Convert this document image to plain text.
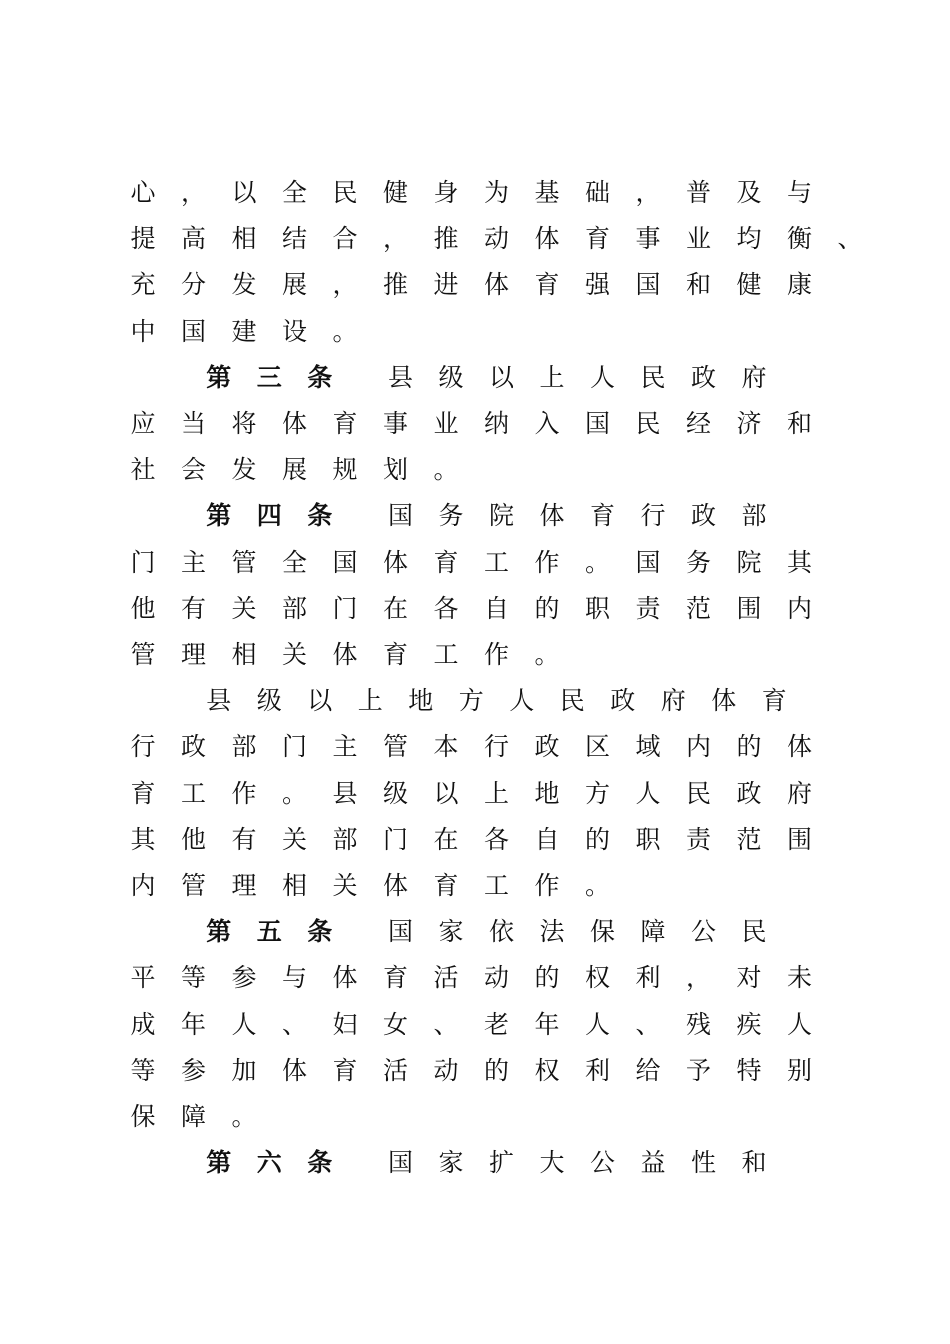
心 ， 以 全 民 健 身 为 基 础 ， 普 及 与
提 高 相 结 合 ， 推 动 体 育 事 业 均 衡 、
充 分 发 展 ， 推 进 体 育 强 国 和 健 康
中 国 建 设 。
第 三 条 县 级 以 上 人 民 政 府
应 当 将 体 育 事 业 纳 入 国 民 经 济 和
社 会 发 展 规 划 。
第 四 条 国 务 院 体 育 行 政 部
门 主 管 全 国 体 育 工 作 。 国 务 院 其
他 有 关 部 门 在 各 自 的 职 责 范 围 内
管 理 相 关 体 育 工 作 。
县 级 以 上 地 方 人 民 政 府 体 育
行 政 部 门 主 管 本 行 政 区 域 内 的 体
育 工 作 。 县 级 以 上 地 方 人 民 政 府
其 他 有 关 部 门 在 各 自 的 职 责 范 围
内 管 理 相 关 体 育 工 作 。
第 五 条 国 家 依 法 保 障 公 民
平 等 参 与 体 育 活 动 的 权 利 ， 对 未
成 年 人 、 妇 女 、 老 年 人 、 残 疾 人
等 参 加 体 育 活 动 的 权 利 给 予 特 别
保 障 。
第 六 条 国 家 扩 大 公 益 性 和
